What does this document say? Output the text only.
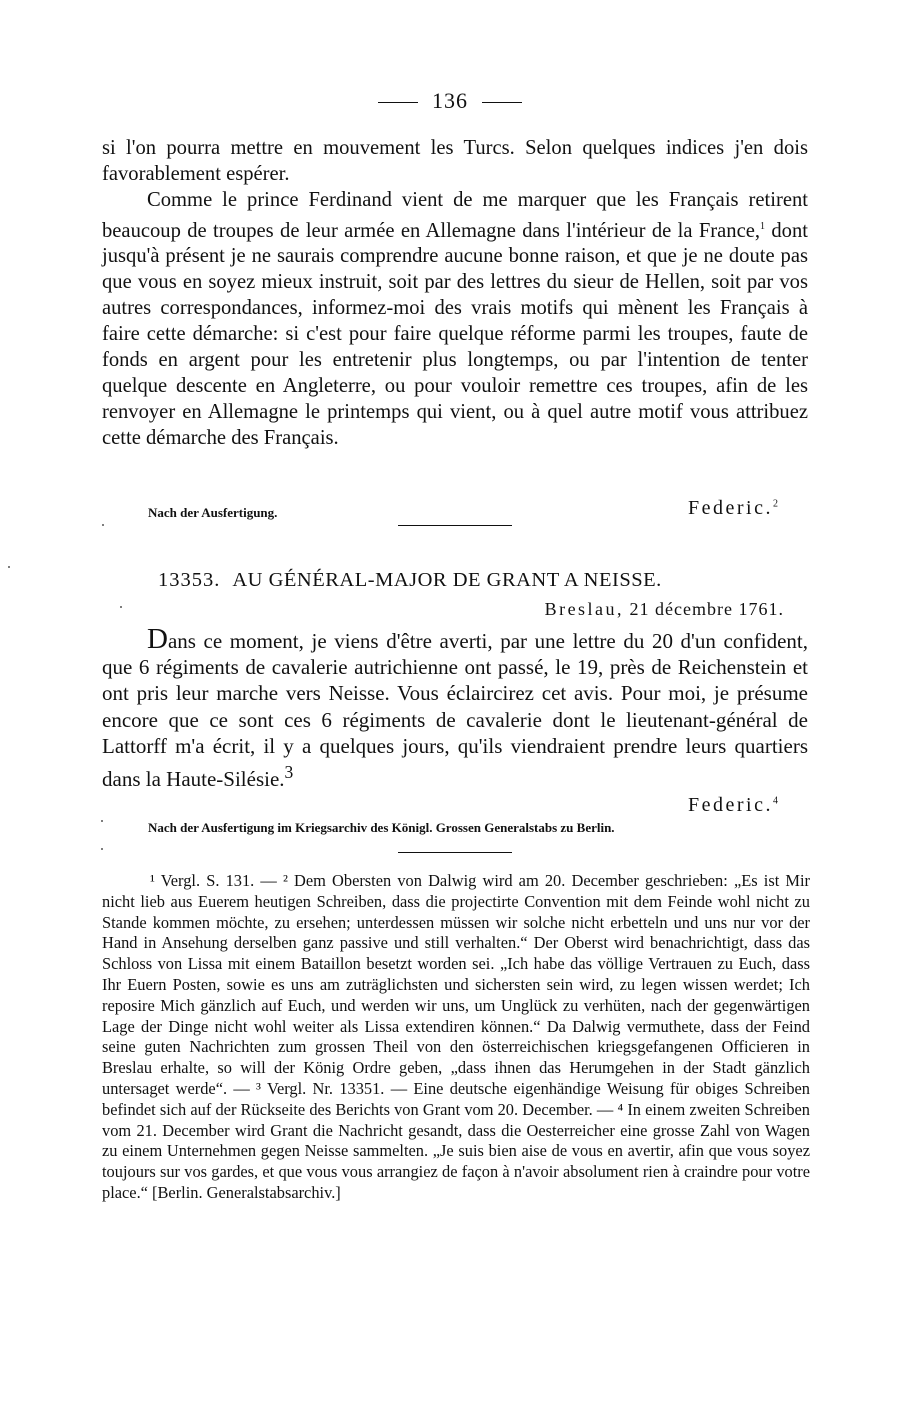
136

si l'on pourra mettre en mouvement les Turcs. Selon quelques indices j'en dois favorablement espérer.

Comme le prince Ferdinand vient de me marquer que les Français retirent beaucoup de troupes de leur armée en Allemagne dans l'intérieur de la France,$^1$ dont jusqu'à présent je ne saurais comprendre aucune bonne raison, et que je ne doute pas que vous en soyez mieux instruit, soit par des lettres du sieur de Hellen, soit par vos autres correspondances, informez-moi des vrais motifs qui mènent les Français à faire cette démarche: si c'est pour faire quelque réforme parmi les troupes, faute de fonds en argent pour les entretenir plus longtemps, ou par l'intention de tenter quelque descente en Angleterre, ou pour vouloir remettre ces troupes, afin de les renvoyer en Allemagne le printemps qui vient, ou à quel autre motif vous attribuez cette démarche des Français.

Nach der Ausfertigung.	Federic.$^2$
13353. AU GÉNÉRAL-MAJOR DE GRANT A NEISSE.
Breslau, 21 décembre 1761.

Dans ce moment, je viens d'être averti, par une lettre du 20 d'un confident, que 6 régiments de cavalerie autrichienne ont passé, le 19, près de Reichenstein et ont pris leur marche vers Neisse. Vous éclaircirez cet avis. Pour moi, je présume encore que ce sont ces 6 régiments de cavalerie dont le lieutenant-général de Lattorff m'a écrit, il y a quelques jours, qu'ils viendraient prendre leurs quartiers dans la Haute-Silésie.$^3$

Federic.$^4$
Nach der Ausfertigung im Kriegsarchiv des Königl. Grossen Generalstabs zu Berlin.

¹ Vergl. S. 131. — ² Dem Obersten von Dalwig wird am 20. December geschrieben: „Es ist Mir nicht lieb aus Euerem heutigen Schreiben, dass die projectirte Convention mit dem Feinde wohl nicht zu Stande kommen möchte, zu ersehen; unterdessen müssen wir solche nicht erbetteln und uns nur vor der Hand in Ansehung derselben ganz passive und still verhalten.“ Der Oberst wird benachrichtigt, dass das Schloss von Lissa mit einem Bataillon besetzt worden sei. „Ich habe das völlige Vertrauen zu Euch, dass Ihr Euern Posten, sowie es uns am zuträglichsten und sichersten sein wird, zu legen wissen werdet; Ich reposire Mich gänzlich auf Euch, und werden wir uns, um Unglück zu verhüten, nach der gegenwärtigen Lage der Dinge nicht wohl weiter als Lissa extendiren können.“ Da Dalwig vermuthete, dass der Feind seine guten Nachrichten zum grossen Theil von den österreichischen kriegsgefangenen Officieren in Breslau erhalte, so will der König Ordre geben, „dass ihnen das Herumgehen in der Stadt gänzlich untersaget werde“. — ³ Vergl. Nr. 13351. — Eine deutsche eigenhändige Weisung für obiges Schreiben befindet sich auf der Rückseite des Berichts von Grant vom 20. December. — ⁴ In einem zweiten Schreiben vom 21. December wird Grant die Nachricht gesandt, dass die Oesterreicher eine grosse Zahl von Wagen zu einem Unternehmen gegen Neisse sammelten. „Je suis bien aise de vous en avertir, afin que vous soyez toujours sur vos gardes, et que vous vous arrangiez de façon à n'avoir absolument rien à craindre pour votre place.“ [Berlin. Generalstabsarchiv.]
